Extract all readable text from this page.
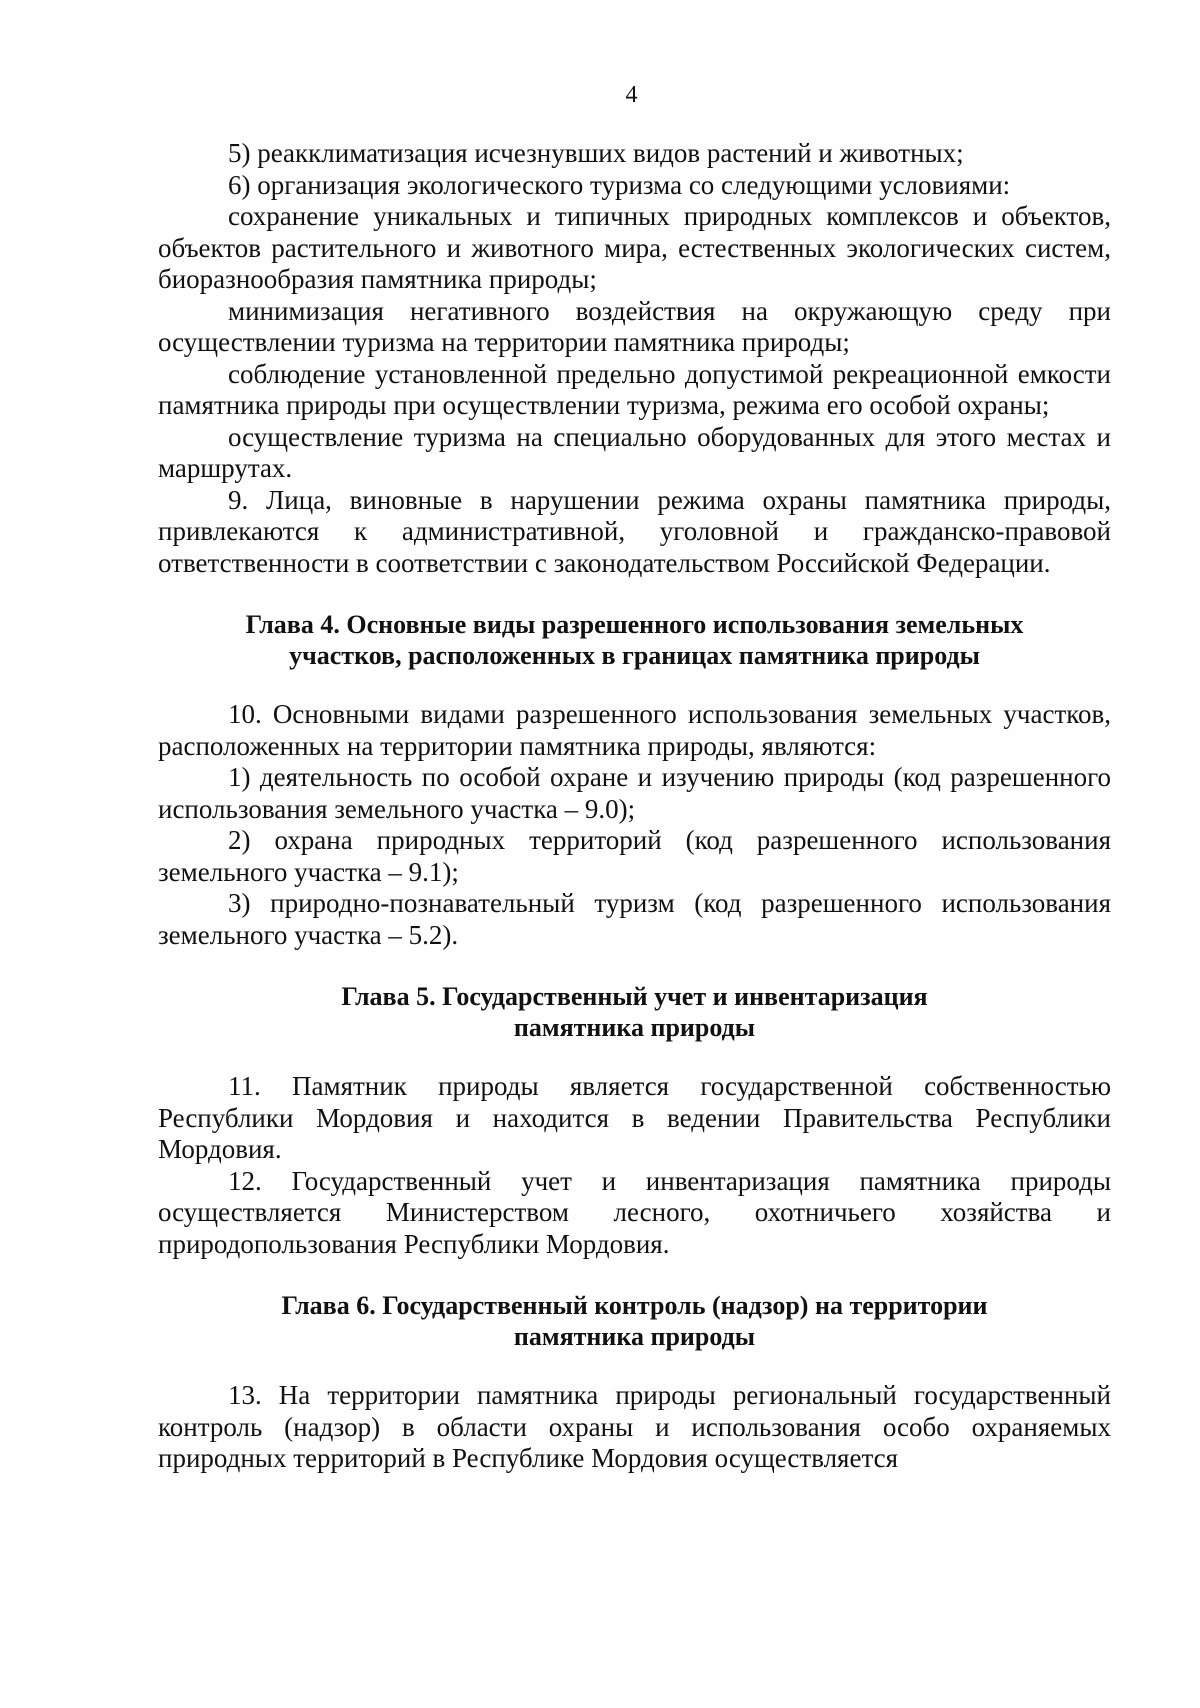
4

5) реакклиматизация исчезнувших видов растений и животных;

6) организация экологического туризма со следующими условиями:

сохранение уникальных и типичных природных комплексов и объектов, объектов растительного и животного мира, естественных экологических систем, биоразнообразия памятника природы;

минимизация негативного воздействия на окружающую среду при осуществлении туризма на территории памятника природы;

соблюдение установленной предельно допустимой рекреационной емкости памятника природы при осуществлении туризма, режима его особой охраны;

осуществление туризма на специально оборудованных для этого местах и маршрутах.

9. Лица, виновные в нарушении режима охраны памятника природы, привлекаются к административной, уголовной и гражданско-правовой ответственности в соответствии с законодательством Российской Федерации.

Глава 4. Основные виды разрешенного использования земельных
участков, расположенных в границах памятника природы

10. Основными видами разрешенного использования земельных участков, расположенных на территории памятника природы, являются:

1) деятельность по особой охране и изучению природы (код разрешенного использования земельного участка – 9.0);

2) охрана природных территорий (код разрешенного использования земельного участка – 9.1);

3) природно-познавательный туризм (код разрешенного использования земельного участка – 5.2).

Глава 5. Государственный учет и инвентаризация
памятника природы

11. Памятник природы является государственной собственностью Республики Мордовия и находится в ведении Правительства Республики Мордовия.

12. Государственный учет и инвентаризация памятника природы осуществляется Министерством лесного, охотничьего хозяйства и природопользования Республики Мордовия.

Глава 6. Государственный контроль (надзор) на территории
памятника природы

13. На территории памятника природы региональный государственный контроль (надзор) в области охраны и использования особо охраняемых природных территорий в Республике Мордовия осуществляется
